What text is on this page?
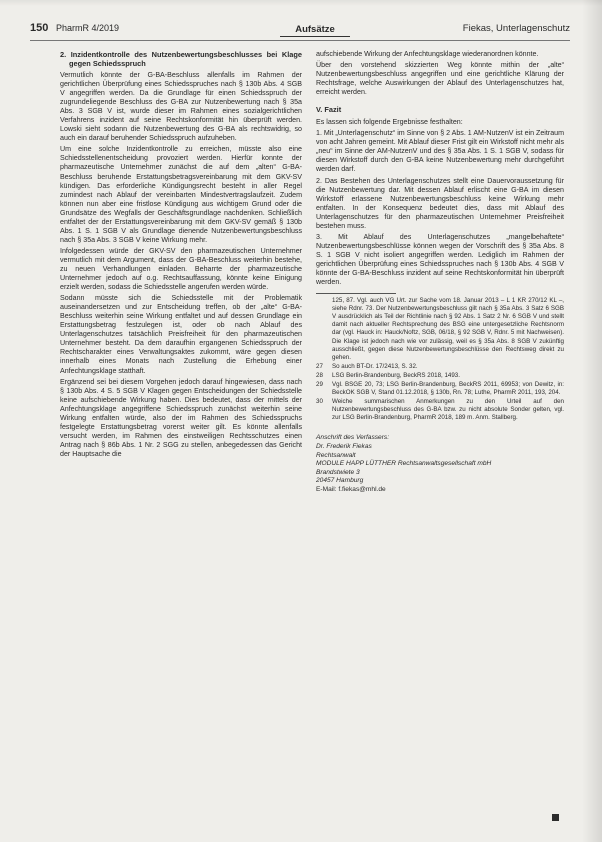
150 PharmR 4/2019	Aufsätze	Fiekas, Unterlagenschutz
2. Inzidentkontrolle des Nutzenbewertungsbeschlusses bei Klage gegen Schiedsspruch

Vermutlich könnte der G-BA-Beschluss allenfalls im Rahmen der gerichtlichen Überprüfung eines Schiedsspruches nach § 130b Abs. 4 SGB V angegriffen werden. Da die Grundlage für einen Schiedsspruch der zugrundeliegende Beschluss des G-BA zur Nutzenbewertung nach § 35a Abs. 3 SGB V ist, wurde dieser im Rahmen eines sozialgerichtlichen Verfahrens inzident auf seine Rechtskonformität hin überprüft werden. Lowski sieht sodann die Nutzenbewertung des G-BA als rechtswidrig, so auch ein darauf beruhender Schiedsspruch aufzuheben.

Um eine solche Inzidentkontrolle zu erreichen, müsste also eine Schiedsstellenentscheidung provoziert werden. Hierfür konnte der pharmazeutische Unternehmer zunächst die auf dem „alten“ G-BA-Beschluss beruhende Erstattungsbetragsvereinbarung mit dem GKV-SV kündigen. Das erforderliche Kündigungsrecht besteht in aller Regel zumindest nach Ablauf der vereinbarten Mindestvertragslaufzeit. Zudem können nun aber eine fristlose Kündigung aus wichtigem Grund oder die Grundsätze des Wegfalls der Geschäftsgrundlage nachdenken. Schließlich entfaltet der der Erstattungsvereinbarung mit dem GKV-SV gemäß § 130b Abs. 1 S. 1 SGB V als Grundlage dienende Nutzenbewertungsbeschluss nach § 35a Abs. 3 SGB V keine Wirkung mehr.

Infolgedessen würde der GKV-SV den pharmazeutischen Unternehmer vermutlich mit dem Argument, dass der G-BA-Beschluss weiterhin bestehe, zu neuen Verhandlungen einladen. Beharrte der pharmazeutische Unternehmer jedoch auf o.g. Rechtsauffassung, könnte keine Einigung erzielt werden, sodass die Schiedsstelle angerufen werden würde.

Sodann müsste sich die Schiedsstelle mit der Problematik auseinandersetzen und zur Entscheidung treffen, ob der „alte“ G-BA-Beschluss weiterhin seine Wirkung entfaltet und auf dessen Grundlage ein Erstattungsbetrag festzulegen ist, oder ob nach Ablauf des Unterlagenschutzes tatsächlich Preisfreiheit für den pharmazeutischen Unternehmer besteht. Da dem daraufhin ergangenen Schiedsspruch der Rechtscharakter eines Verwaltungsaktes zukommt, wäre gegen diesen innerhalb eines Monats nach Zustellung die Erhebung einer Anfechtungsklage statthaft.

Ergänzend sei bei diesem Vorgehen jedoch darauf hingewiesen, dass nach § 130b Abs. 4 S. 5 SGB V Klagen gegen Entscheidungen der Schiedsstelle keine aufschiebende Wirkung haben. Dies bedeutet, dass der mittels der Anfechtungsklage angegriffene Schiedsspruch zunächst weiterhin seine Wirkung entfalten würde, also der im Rahmen des Schiedsspruchs festgelegte Erstattungsbetrag vorerst weiter gilt. Es könnte allenfalls versucht werden, im Rahmen des einstweiligen Rechtsschutzes einen Antrag nach § 86b Abs. 1 Nr. 2 SGG zu stellen, anbegedessen das Gericht der Hauptsache die

aufschiebende Wirkung der Anfechtungsklage wiederanordnen könnte.

Über den vorstehend skizzierten Weg könnte mithin der „alte“ Nutzenbewertungsbeschluss angegriffen und eine gerichtliche Klärung der Rechtsfrage, welche Auswirkungen der Ablauf des Unterlagenschutzes hat, erreicht werden.

V. Fazit

Es lassen sich folgende Ergebnisse festhalten:

1. Mit „Unterlagenschutz“ im Sinne von § 2 Abs. 1 AM-NutzenV ist ein Zeitraum von acht Jahren gemeint. Mit Ablauf dieser Frist gilt ein Wirkstoff nicht mehr als „neu“ im Sinne der AM-NutzenV und des § 35a Abs. 1 S. 1 SGB V, sodass für diesen Wirkstoff durch den G-BA keine Nutzenbewertung mehr durchgeführt werden darf.

2. Das Bestehen des Unterlagenschutzes stellt eine Dauervoraussetzung für die Nutzenbewertung dar. Mit dessen Ablauf erlischt eine G-BA im diesen Wirkstoff erlassene Nutzenbewertungsbeschluss keine Wirkung mehr entfalten. In der Konsequenz bedeutet dies, dass mit Ablauf des Unterlagenschutzes für den pharmazeutischen Unternehmer Preisfreiheit bestehen muss.

3. Mit Ablauf des Unterlagenschutzes „mangelbehaftete“ Nutzenbewertungsbeschlüsse können wegen der Vorschrift des § 35a Abs. 8 S. 1 SGB V nicht isoliert angegriffen werden. Lediglich im Rahmen der gerichtlichen Überprüfung eines Schiedsspruches nach § 130b Abs. 4 SGB V könnte der G-BA-Beschluss inzident auf seine Rechtskonformität hin überprüft werden.

125, 87. Vgl. auch VG Urt. zur Sache vom 18. Januar 2013 – L 1 KR 270/12 KL –, siehe Rdnr. 73. Der Nutzenbewertungsbeschluss gilt nach § 35a Abs. 3 Satz 6 SGB V ausdrücklich als Teil der Richtlinie nach § 92 Abs. 1 Satz 2 Nr. 6 SGB V und stellt damit nach aktueller Rechtsprechung des BSG eine untergesetzliche Rechtsnorm dar (vgl. Hauck in: Hauck/Noftz, SGB, 06/18, § 92 SGB V, Rdnr. 5 mit Nachweisen). Die Klage ist jedoch nach wie vor zulässig, weil es § 35a Abs. 8 SGB V zukünftig ausschließt, gegen diese Nutzenbewertungsbeschlüsse den Rechtsweg direkt zu gehen.
27	So auch BT-Dr. 17/2413, S. 32.
28	LSG Berlin-Brandenburg, BeckRS 2018, 1493.
29	Vgl. BSGE 20, 73; LSG Berlin-Brandenburg, BeckRS 2011, 69953; von Dewitz, in: BeckOK SGB V, Stand 01.12.2018, § 130b, Rn. 78; Luthe, PharmR 2011, 193, 204.
30	Weiche summarischen Anmerkungen zu den Urteil auf den Nutzenbewertungsbeschluss des G-BA bzw. zu nicht absolute Sonder gelten, vgl. zur LSG Berlin-Brandenburg, PharmR 2018, 189 m. Anm. Stallberg.
Anschrift des Verfassers:
Dr. Frederik Fiekas
Rechtsanwalt
MODULE HAPP LÜTTHER Rechtsanwaltsgesellschaft mbH
Brandstwiete 3
20457 Hamburg
E-Mail: f.fiekas@mhl.de
